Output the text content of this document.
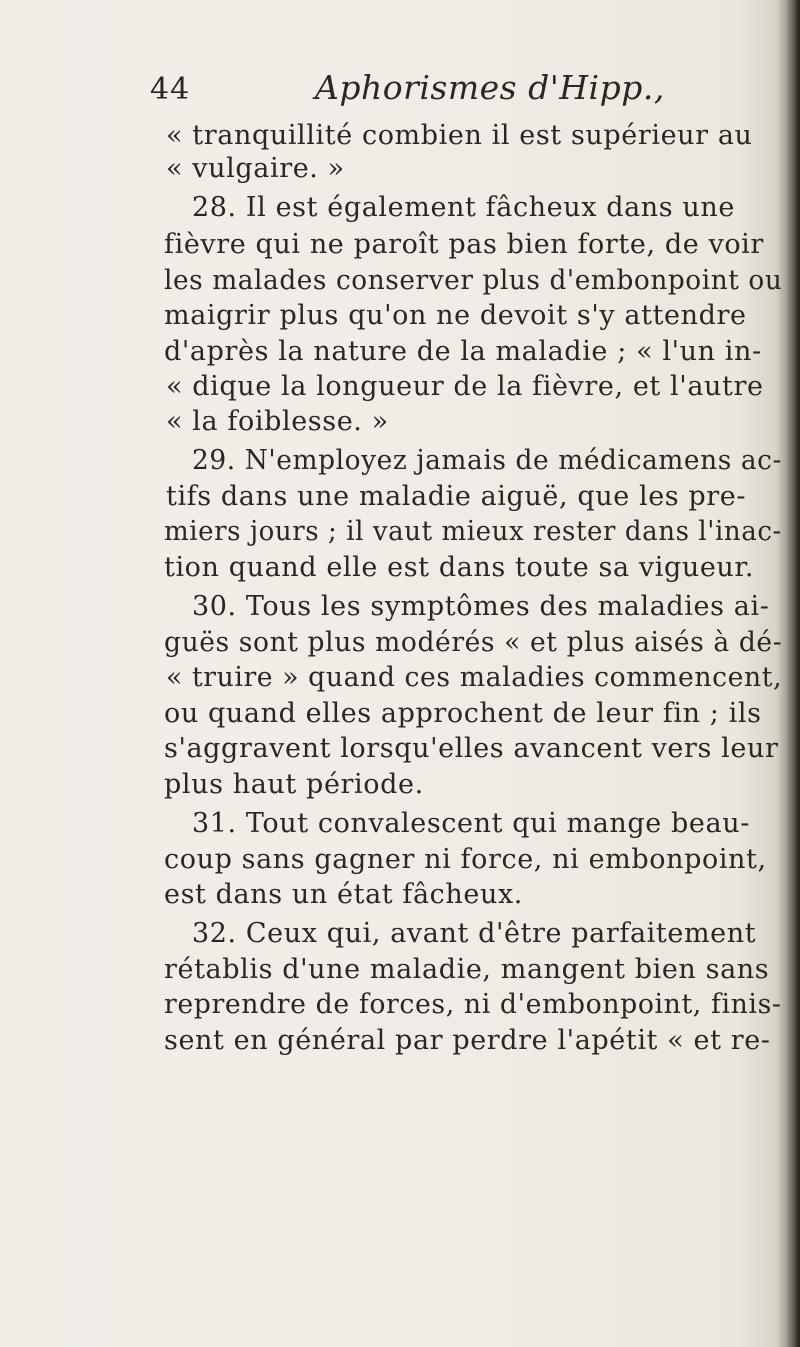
44	Aphorismes d'Hipp.,
« tranquillité combien il est supérieur au
« vulgaire. »
28. Il est également fâcheux dans une
fièvre qui ne paroît pas bien forte, de voir
les malades conserver plus d'embonpoint ou
maigrir plus qu'on ne devoit s'y attendre
d'après la nature de la maladie ; « l'un in-
« dique la longueur de la fièvre, et l'autre
« la foiblesse. »
29. N'employez jamais de médicamens ac-
tifs dans une maladie aiguë, que les pre-
miers jours ; il vaut mieux rester dans l'inac-
tion quand elle est dans toute sa vigueur.
30. Tous les symptômes des maladies ai-
guës sont plus modérés « et plus aisés à dé-
« truire » quand ces maladies commencent,
ou quand elles approchent de leur fin ; ils
s'aggravent lorsqu'elles avancent vers leur
plus haut période.
31. Tout convalescent qui mange beau-
coup sans gagner ni force, ni embonpoint,
est dans un état fâcheux.
32. Ceux qui, avant d'être parfaitement
rétablis d'une maladie, mangent bien sans
reprendre de forces, ni d'embonpoint, finis-
sent en général par perdre l'apétit « et re-
